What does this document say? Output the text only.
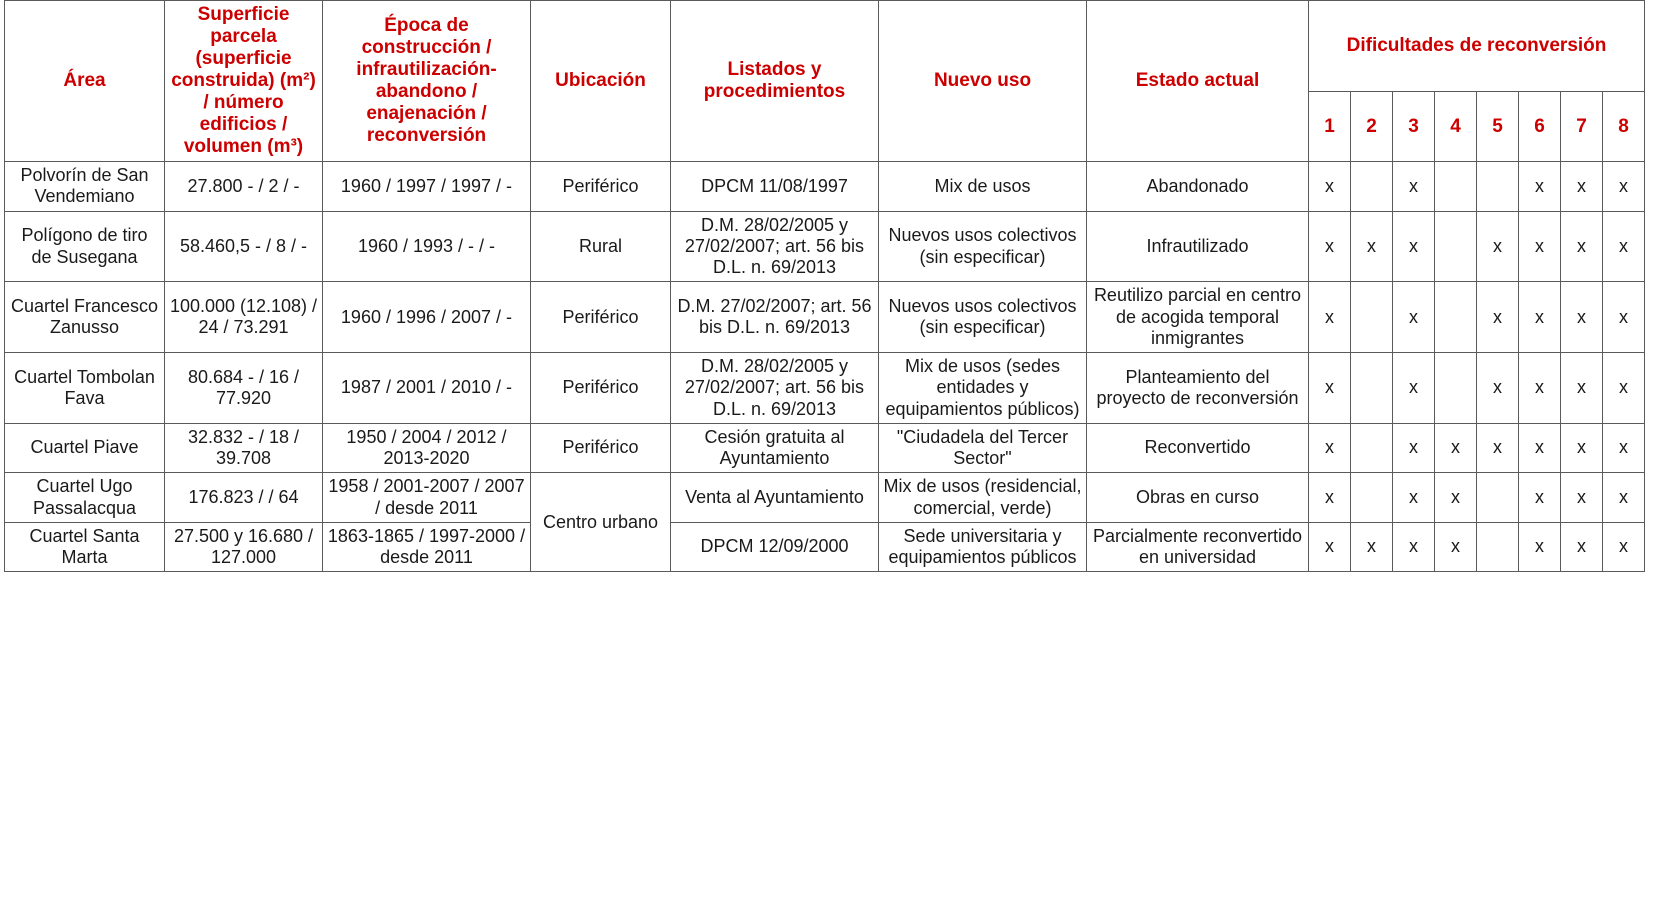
Área	Superficie parcela (superficie construida) (m²) / número edificios / volumen (m³)	Época de construcción / infrautilización-abandono / enajenación / reconversión	Ubicación	Listados y procedimientos	Nuevo uso	Estado actual	Dificultades de reconversión							
							1	2	3	4	5	6	7	8
Polvorín de San Vendemiano	27.800 - / 2 / -	1960 / 1997 / 1997 / -	Periférico	DPCM 11/08/1997	Mix de usos	Abandonado	x		x			x	x	x
Polígono de tiro de Susegana	58.460,5 - / 8 / -	1960 / 1993 / - / -	Rural	D.M. 28/02/2005 y 27/02/2007; art. 56 bis D.L. n. 69/2013	Nuevos usos colectivos (sin especificar)	Infrautilizado	x	x	x		x	x	x	x
Cuartel Francesco Zanusso	100.000 (12.108) / 24 / 73.291	1960 / 1996 / 2007 / -	Periférico	D.M. 27/02/2007; art. 56 bis D.L. n. 69/2013	Nuevos usos colectivos (sin especificar)	Reutilizo parcial en centro de acogida temporal inmigrantes	x		x		x	x	x	x
Cuartel Tombolan Fava	80.684 - / 16 / 77.920	1987 / 2001 / 2010 / -	Periférico	D.M. 28/02/2005 y 27/02/2007; art. 56 bis D.L. n. 69/2013	Mix de usos (sedes entidades y equipamientos públicos)	Planteamiento del proyecto de reconversión	x		x		x	x	x	x
Cuartel Piave	32.832 - / 18 / 39.708	1950 / 2004 / 2012 / 2013-2020	Periférico	Cesión gratuita al Ayuntamiento	"Ciudadela del Tercer Sector"	Reconvertido	x		x	x	x	x	x	x
Cuartel Ugo Passalacqua	176.823 / / 64	1958 / 2001-2007 / 2007 / desde 2011	Centro urbano	Venta al Ayuntamiento	Mix de usos (residencial, comercial, verde)	Obras en curso	x		x	x		x	x	x
Cuartel Santa Marta	27.500 y 16.680 / 127.000	1863-1865 / 1997-2000 / desde 2011		DPCM 12/09/2000	Sede universitaria y equipamientos públicos	Parcialmente reconvertido en universidad	x	x	x	x		x	x	x
